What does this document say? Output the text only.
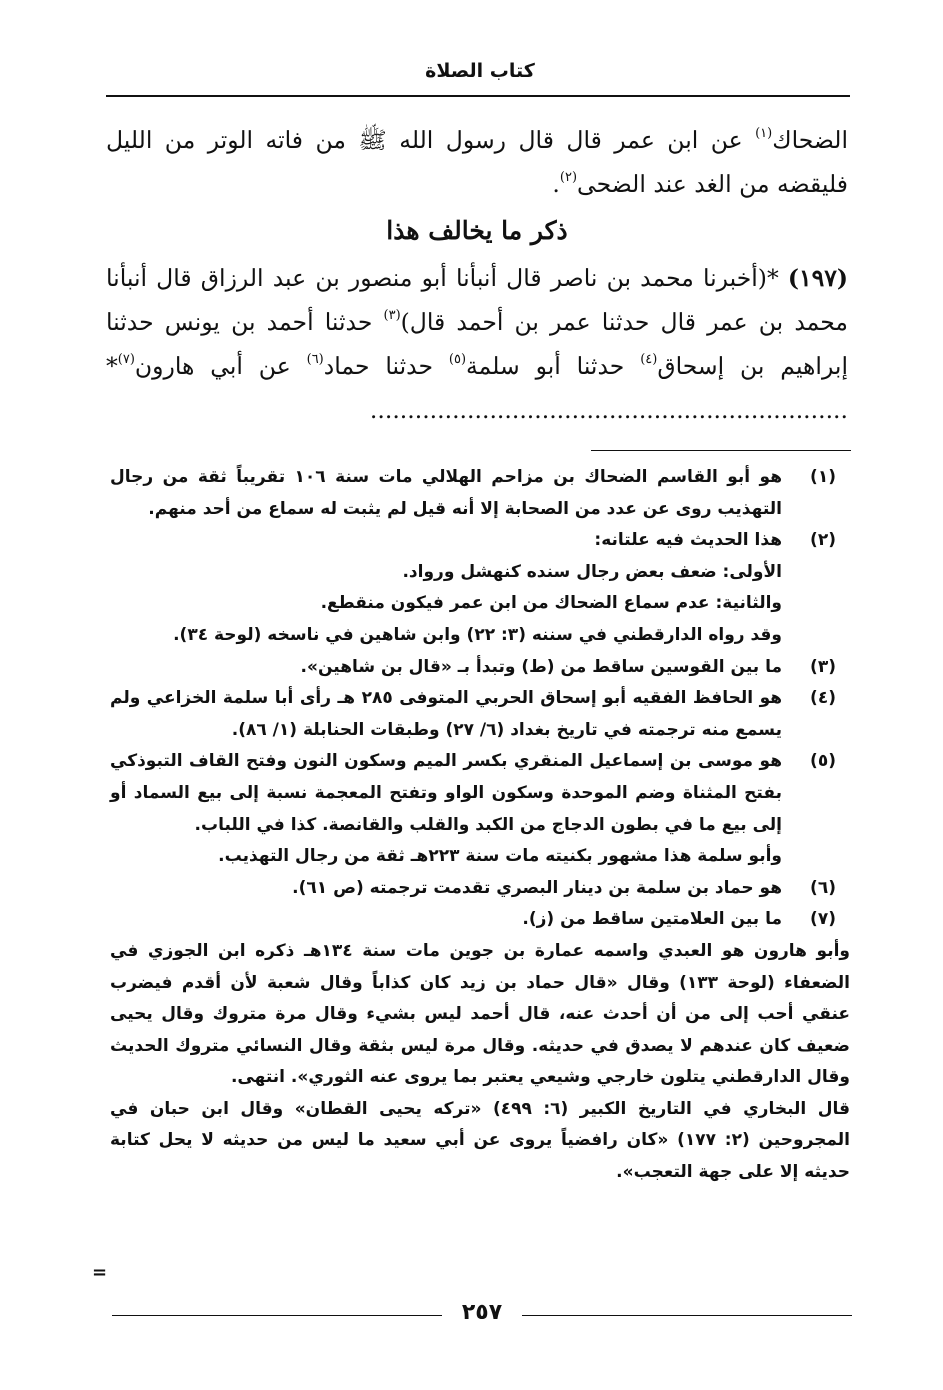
كتاب الصلاة

الضحاك$^{(١)}$ عن ابن عمر قال قال رسول الله ﷺ من فاته الوتر من الليل فليقضه من الغد عند الضحى$^{(٢)}$.

ذكر ما يخالف هذا

(١٩٧) *(أخبرنا محمد بن ناصر قال أنبأنا أبو منصور بن عبد الرزاق قال أنبأنا محمد بن عمر قال حدثنا عمر بن أحمد قال)$^{(٣)}$ حدثنا أحمد بن يونس حدثنا إبراهيم بن إسحاق$^{(٤)}$ حدثنا أبو سلمة$^{(٥)}$ حدثنا حماد$^{(٦)}$ عن أبي هارون$^{(٧)}$* ................................................................

(١)

هو أبو القاسم الضحاك بن مزاحم الهلالي مات سنة ١٠٦ تقريباً ثقة من رجال التهذيب روى عن عدد من الصحابة إلا أنه قيل لم يثبت له سماع من أحد منهم.

(٢)

هذا الحديث فيه علتانه:

الأولى: ضعف بعض رجال سنده كنهشل ورواد.

والثانية: عدم سماع الضحاك من ابن عمر فيكون منقطع.

وقد رواه الدارقطني في سننه (٣: ٢٢) وابن شاهين في ناسخه (لوحة ٣٤).

(٣)

ما بين القوسين ساقط من (ط) وتبدأ بـ «قال بن شاهين».

(٤)

هو الحافظ الفقيه أبو إسحاق الحربي المتوفى ٢٨٥ هـ رأى أبا سلمة الخزاعي ولم يسمع منه ترجمته في تاريخ بغداد (٦/ ٢٧) وطبقات الحنابلة (١/ ٨٦).

(٥)

هو موسى بن إسماعيل المنقري بكسر الميم وسكون النون وفتح القاف التبوذكي بفتح المثناة وضم الموحدة وسكون الواو وتفتح المعجمة نسبة إلى بيع السماد أو إلى بيع ما في بطون الدجاج من الكبد والقلب والقانصة. كذا في اللباب.

وأبو سلمة هذا مشهور بكنيته مات سنة ٢٢٣هـ ثقة من رجال التهذيب.

(٦)

هو حماد بن سلمة بن دينار البصري تقدمت ترجمته (ص ٦١).

(٧)

ما بين العلامتين ساقط من (ز).

وأبو هارون هو العبدي واسمه عمارة بن جوين مات سنة ١٣٤هـ ذكره ابن الجوزي في الضعفاء (لوحة ١٣٣) وقال «قال حماد بن زيد كان كذاباً وقال شعبة لأن أقدم فيضرب عنقي أحب إلى من أن أحدث عنه، قال أحمد ليس بشيء وقال مرة متروك وقال يحيى ضعيف كان عندهم لا يصدق في حديثه. وقال مرة ليس بثقة وقال النسائي متروك الحديث وقال الدارقطني يتلون خارجي وشيعي يعتبر بما يروى عنه الثوري». انتهى.

قال البخاري في التاريخ الكبير (٦: ٤٩٩) «تركه يحيى القطان» وقال ابن حبان في المجروحين (٢: ١٧٧) «كان رافضياً يروى عن أبي سعيد ما ليس من حديثه لا يحل كتابة حديثه إلا على جهة التعجب».

=
٢٥٧
